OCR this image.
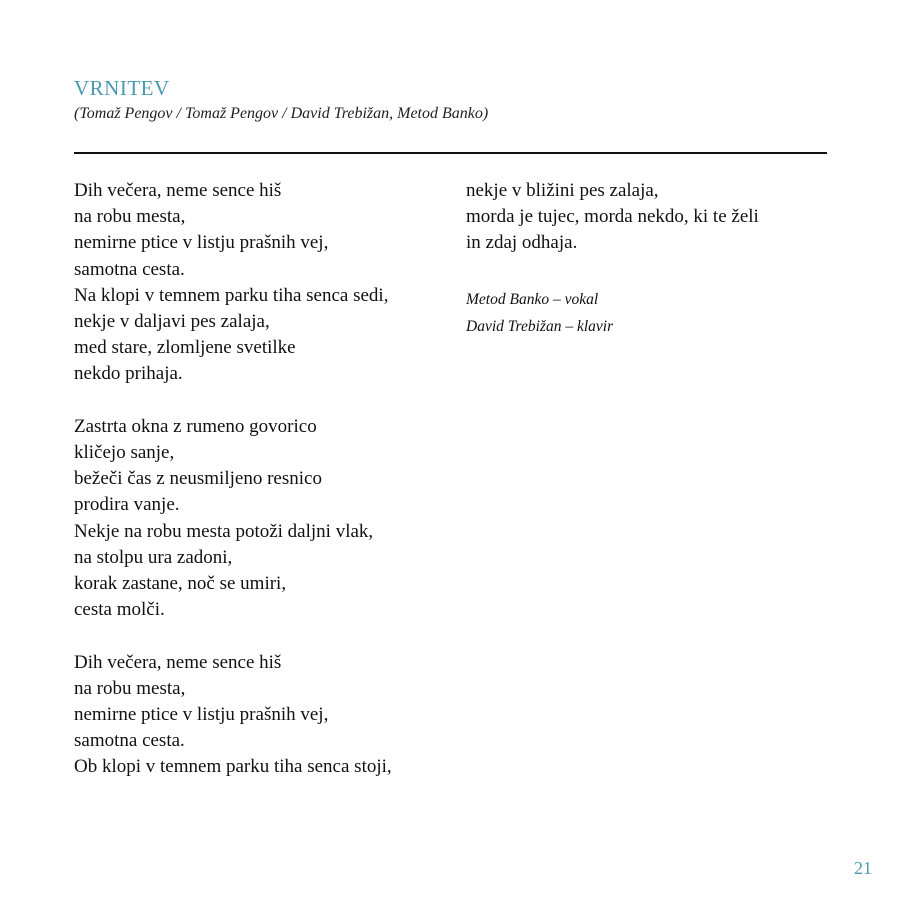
VRNITEV

(Tomaž Pengov / Tomaž Pengov / David Trebižan, Metod Banko)

Dih večera, neme sence hiš
na robu mesta,
nemirne ptice v listju prašnih vej,
samotna cesta.
Na klopi v temnem parku tiha senca sedi,
nekje v daljavi pes zalaja,
med stare, zlomljene svetilke
nekdo prihaja.
Zastrta okna z rumeno govorico
kličejo sanje,
bežeči čas z neusmiljeno resnico
prodira vanje.
Nekje na robu mesta potoži daljni vlak,
na stolpu ura zadoni,
korak zastane, noč se umiri,
cesta molči.
Dih večera, neme sence hiš
na robu mesta,
nemirne ptice v listju prašnih vej,
samotna cesta.
Ob klopi v temnem parku tiha senca stoji,
nekje v bližini pes zalaja,
morda je tujec, morda nekdo, ki te želi
in zdaj odhaja.
Metod Banko – vokal
David Trebižan – klavir
21
